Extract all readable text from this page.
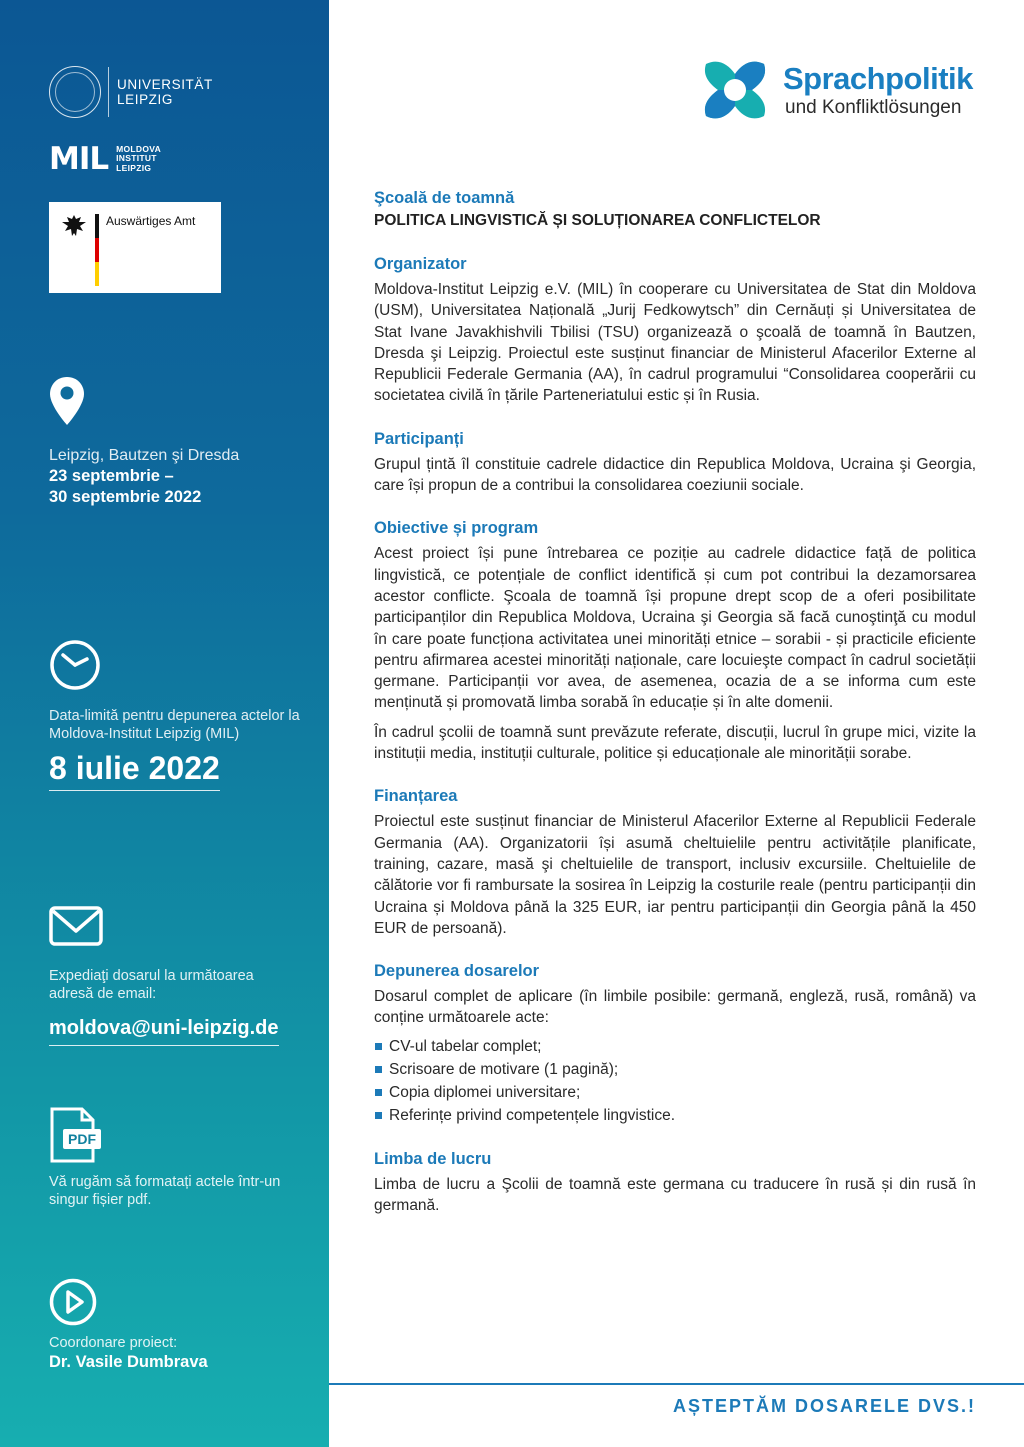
UNIVERSITÄT
LEIPZIG
MIL MOLDOVA
INSTITUT
LEIPZIG
Auswärtiges Amt
Leipzig, Bautzen şi Dresda
23 septembrie –
30 septembrie 2022
Data-limită pentru depunerea actelor la
Moldova-Institut Leipzig (MIL)
8 iulie 2022
Expediaţi dosarul la următoarea
adresă de email:
moldova@uni-leipzig.de
PDF
Vă rugăm să formatați actele într-un
singur fișier pdf.
Coordonare proiect:
Dr. Vasile Dumbrava
Sprachpolitik
und Konfliktlösungen
Şcoală de toamnă
POLITICA LINGVISTICĂ ȘI SOLUȚIONAREA CONFLICTELOR
Organizator
Moldova-Institut Leipzig e.V. (MIL) în cooperare cu Universitatea de Stat din Moldova (USM), Universitatea Națională „Jurij Fedkowytsch” din Cernăuți și Universitatea de Stat Ivane Javakhishvili Tbilisi (TSU) organizează o şcoală de toamnă în Bautzen, Dresda şi Leipzig. Proiectul este susținut financiar de Ministerul Afacerilor Externe al Republicii Federale Germania (AA), în cadrul programului “Consolidarea cooperării cu societatea civilă în țările Parteneriatului estic și în Rusia.
Participanți
Grupul țintă îl constituie cadrele didactice din Republica Moldova, Ucraina şi Georgia, care își propun de a contribui la consolidarea coeziunii sociale.
Obiective și program
Acest proiect își pune întrebarea ce poziție au cadrele didactice față de politica lingvistică, ce potențiale de conflict identifică și cum pot contribui la dezamorsarea acestor conflicte. Şcoala de toamnă își propune drept scop de a oferi posibilitate participanților din Republica Moldova, Ucraina şi Georgia să facă cunoştinţă cu modul în care poate funcționa activitatea unei minorități etnice – sorabii - și practicile eficiente pentru afirmarea acestei minorități naționale, care locuieşte compact în cadrul societății germane. Participanții vor avea, de asemenea, ocazia de a se informa cum este menținută și promovată limba sorabă în educație și în alte domenii.
În cadrul şcolii de toamnă sunt prevăzute referate, discuții, lucrul în grupe mici, vizite la instituții media, instituții culturale, politice și educaționale ale minorității sorabe.
Finanțarea
Proiectul este susținut financiar de Ministerul Afacerilor Externe al Republicii Federale Germania (AA). Organizatorii își asumă cheltuielile pentru activitățile planificate, training, cazare, masă şi cheltuielile de transport, inclusiv excursiile. Cheltuielile de călătorie vor fi rambursate la sosirea în Leipzig la costurile reale (pentru participanții din Ucraina și Moldova până la 325 EUR, iar pentru participanții din Georgia până la 450 EUR de persoană).
Depunerea dosarelor
Dosarul complet de aplicare (în limbile posibile: germană, engleză, rusă, română) va conține următoarele acte:
CV-ul tabelar complet;
Scrisoare de motivare (1 pagină);
Copia diplomei universitare;
Referințe privind competențele lingvistice.
Limba de lucru
Limba de lucru a Şcolii de toamnă este germana cu traducere în rusă și din rusă în germană.
AȘTEPTĂM DOSARELE DVS.!
